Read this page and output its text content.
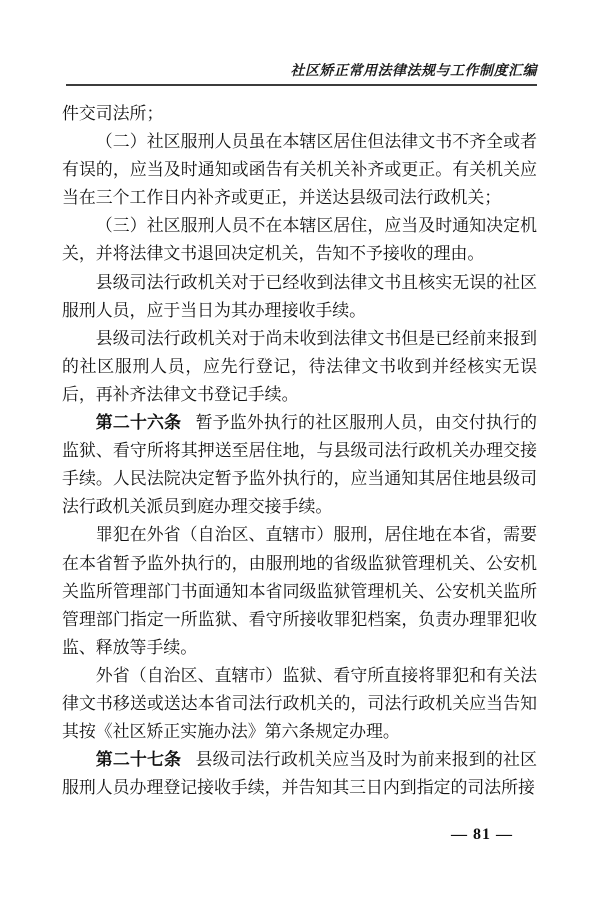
社区矫正常用法律法规与工作制度汇编

件交司法所；

（二）社区服刑人员虽在本辖区居住但法律文书不齐全或者有误的，应当及时通知或函告有关机关补齐或更正。有关机关应当在三个工作日内补齐或更正，并送达县级司法行政机关；

（三）社区服刑人员不在本辖区居住，应当及时通知决定机关，并将法律文书退回决定机关，告知不予接收的理由。

县级司法行政机关对于已经收到法律文书且核实无误的社区服刑人员，应于当日为其办理接收手续。

县级司法行政机关对于尚未收到法律文书但是已经前来报到的社区服刑人员，应先行登记，待法律文书收到并经核实无误后，再补齐法律文书登记手续。

第二十六条 暂予监外执行的社区服刑人员，由交付执行的监狱、看守所将其押送至居住地，与县级司法行政机关办理交接手续。人民法院决定暂予监外执行的，应当通知其居住地县级司法行政机关派员到庭办理交接手续。

罪犯在外省（自治区、直辖市）服刑，居住地在本省，需要在本省暂予监外执行的，由服刑地的省级监狱管理机关、公安机关监所管理部门书面通知本省同级监狱管理机关、公安机关监所管理部门指定一所监狱、看守所接收罪犯档案，负责办理罪犯收监、释放等手续。

外省（自治区、直辖市）监狱、看守所直接将罪犯和有关法律文书移送或送达本省司法行政机关的，司法行政机关应当告知其按《社区矫正实施办法》第六条规定办理。

第二十七条 县级司法行政机关应当及时为前来报到的社区服刑人员办理登记接收手续，并告知其三日内到指定的司法所接

— 81 —
